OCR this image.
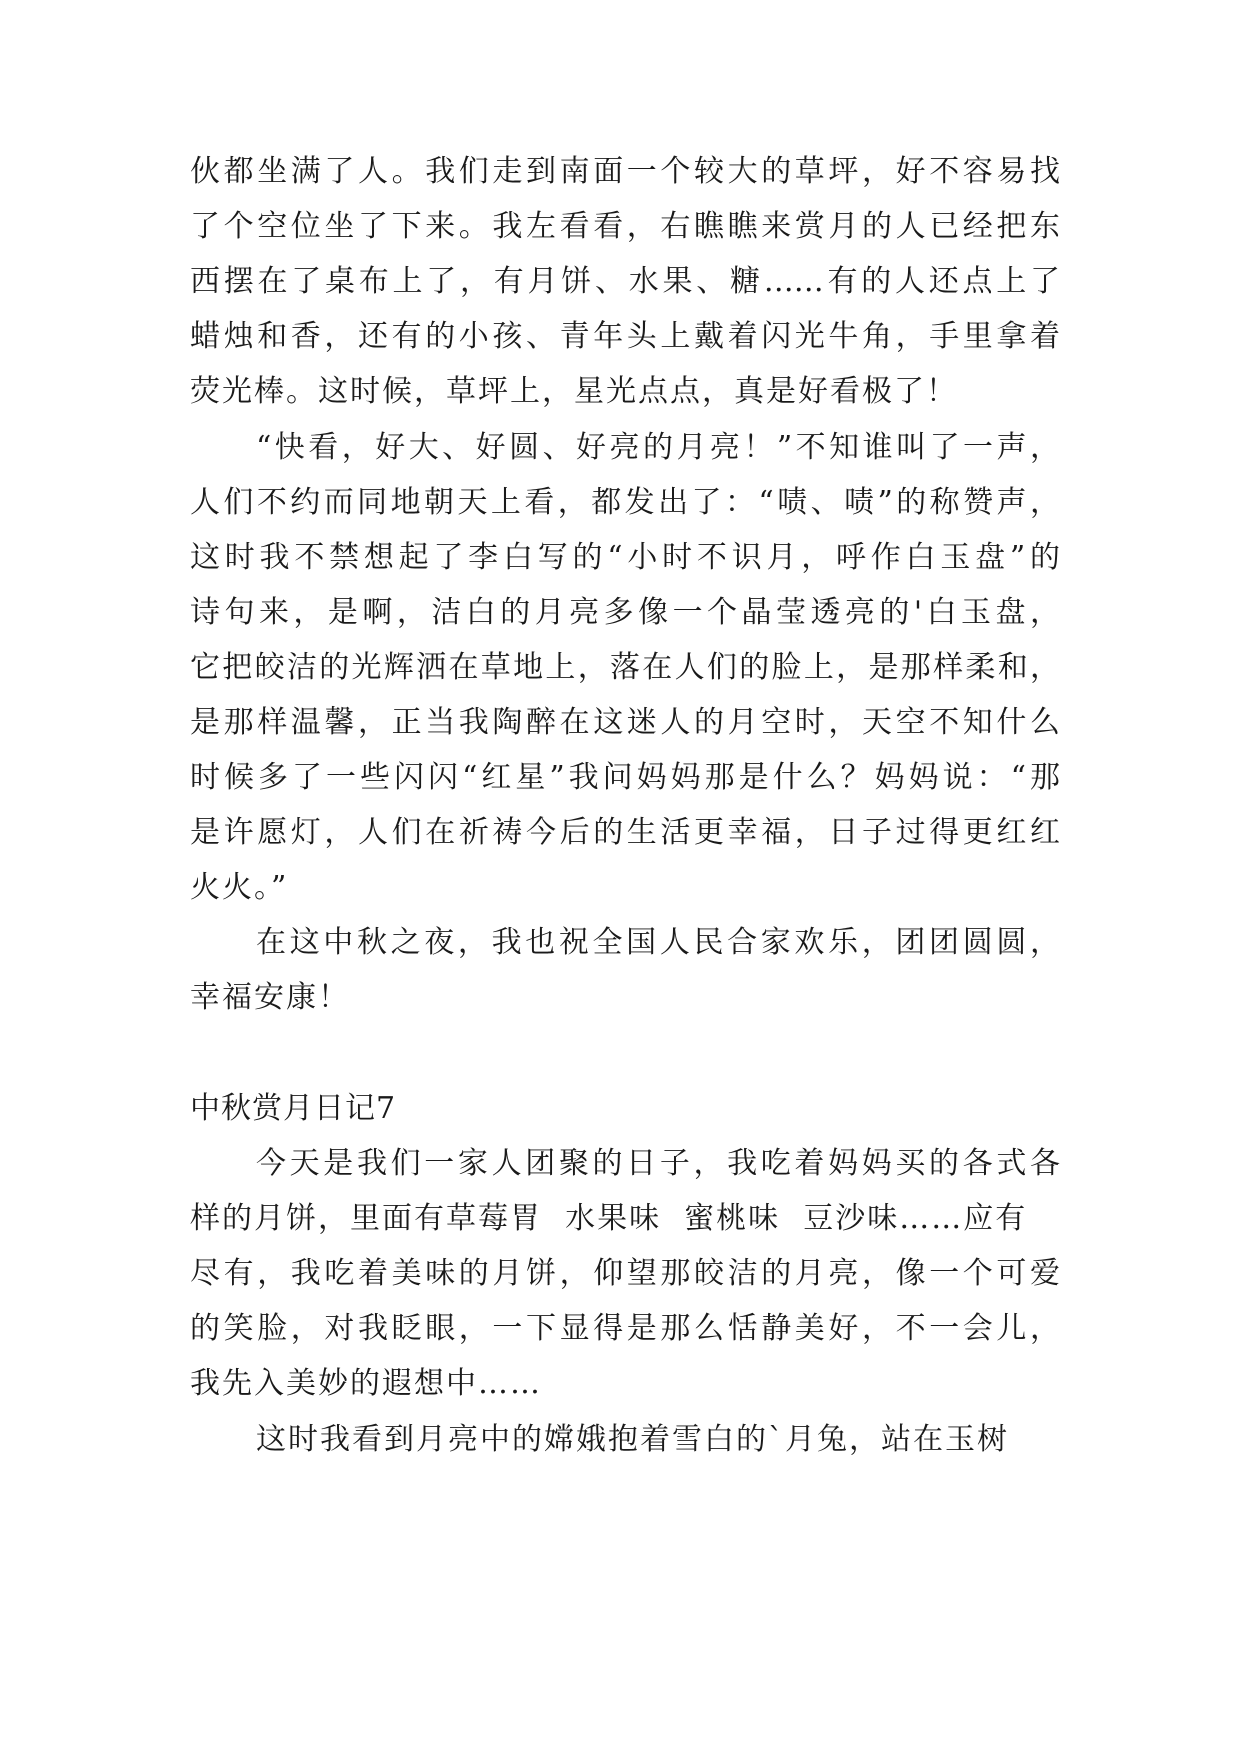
伙都坐满了人。我们走到南面一个较大的草坪，好不容易找
了个空位坐了下来。我左看看，右瞧瞧来赏月的人已经把东
西摆在了桌布上了，有月饼、水果、糖……有的人还点上了
蜡烛和香，还有的小孩、青年头上戴着闪光牛角，手里拿着
荧光棒。这时候，草坪上，星光点点，真是好看极了！
“快看，好大、好圆、好亮的月亮！”不知谁叫了一声，
人们不约而同地朝天上看，都发出了：“啧、啧”的称赞声，
这时我不禁想起了李白写的“小时不识月，呼作白玉盘”的
诗句来，是啊，洁白的月亮多像一个晶莹透亮的'白玉盘，
它把皎洁的光辉洒在草地上，落在人们的脸上，是那样柔和，
是那样温馨，正当我陶醉在这迷人的月空时，天空不知什么
时候多了一些闪闪“红星”我问妈妈那是什么？妈妈说：“那
是许愿灯，人们在祈祷今后的生活更幸福，日子过得更红红
火火。”
在这中秋之夜，我也祝全国人民合家欢乐，团团圆圆，
幸福安康！
中秋赏月日记7
今天是我们一家人团聚的日子，我吃着妈妈买的各式各
样的月饼，里面有草莓胃  水果味  蜜桃味  豆沙味……应有
尽有，我吃着美味的月饼，仰望那皎洁的月亮，像一个可爱
的笑脸，对我眨眼，一下显得是那么恬静美好，不一会儿，
我先入美妙的遐想中……
这时我看到月亮中的嫦娥抱着雪白的`月兔，站在玉树
